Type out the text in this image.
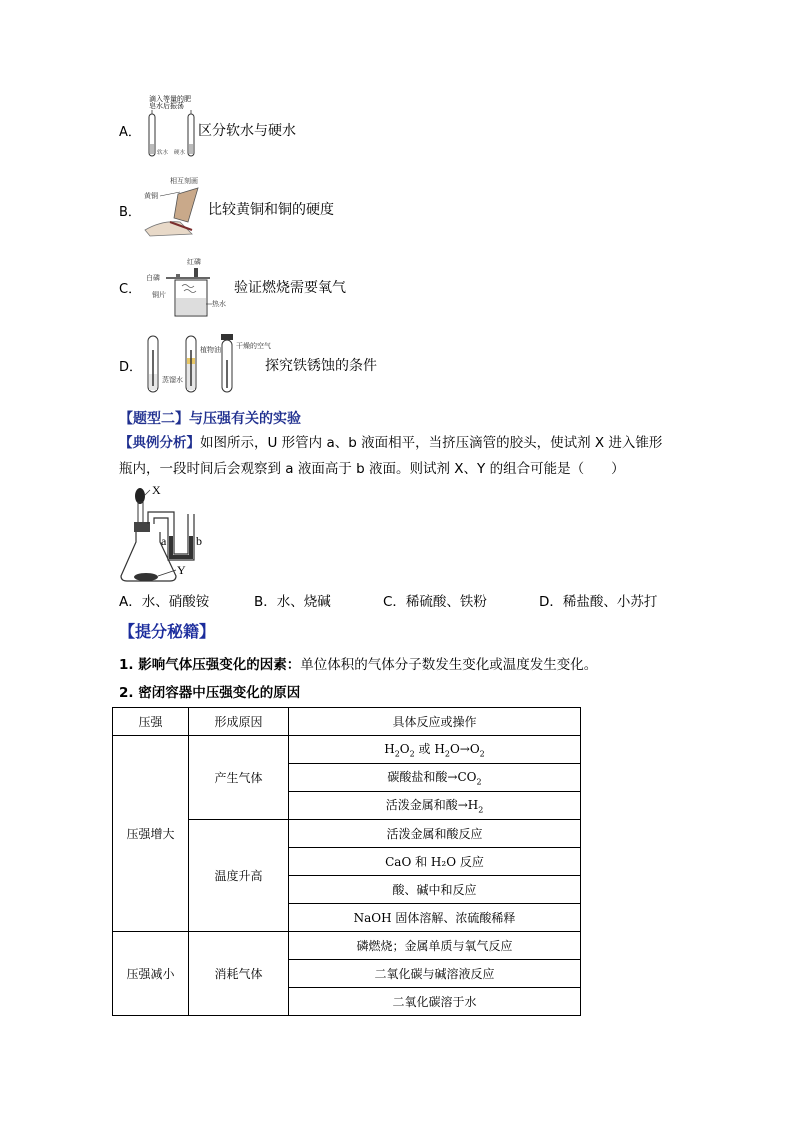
A．
滴入等量的肥
皂水后振荡
软水 硬水
区分软水与硬水
B．
相互刻画
黄铜
比较黄铜和铜的硬度
C．
红磷
白磷
铜片
热水
验证燃烧需要氧气
D．
蒸馏水
植物油 干燥的空气
探究铁锈蚀的条件
【题型二】与压强有关的实验
【典例分析】如图所示，U 形管内 a、b 液面相平，当挤压滴管的胶头，使试剂 X 进入锥形
瓶内，一段时间后会观察到 a 液面高于 b 液面。则试剂 X、Y 的组合可能是（　　）
X
a b
Y
A．水、硝酸铵	B．水、烧碱	C．稀硫酸、铁粉	D．稀盐酸、小苏打
【提分秘籍】
1. 影响气体压强变化的因素：单位体积的气体分子数发生变化或温度发生变化。
2. 密闭容器中压强变化的原因
压强	形成原因	具体反应或操作
压强增大	产生气体	$H_2O_2$ 或 $H_2O\to O_2$
		碳酸盐和酸$\to CO_2$
		活泼金属和酸$\to H_2$
	温度升高	活泼金属和酸反应
		CaO 和 H₂O 反应
		酸、碱中和反应
		NaOH 固体溶解、浓硫酸稀释
压强减小	消耗气体	磷燃烧；金属单质与氧气反应
		二氧化碳与碱溶液反应
		二氧化碳溶于水
